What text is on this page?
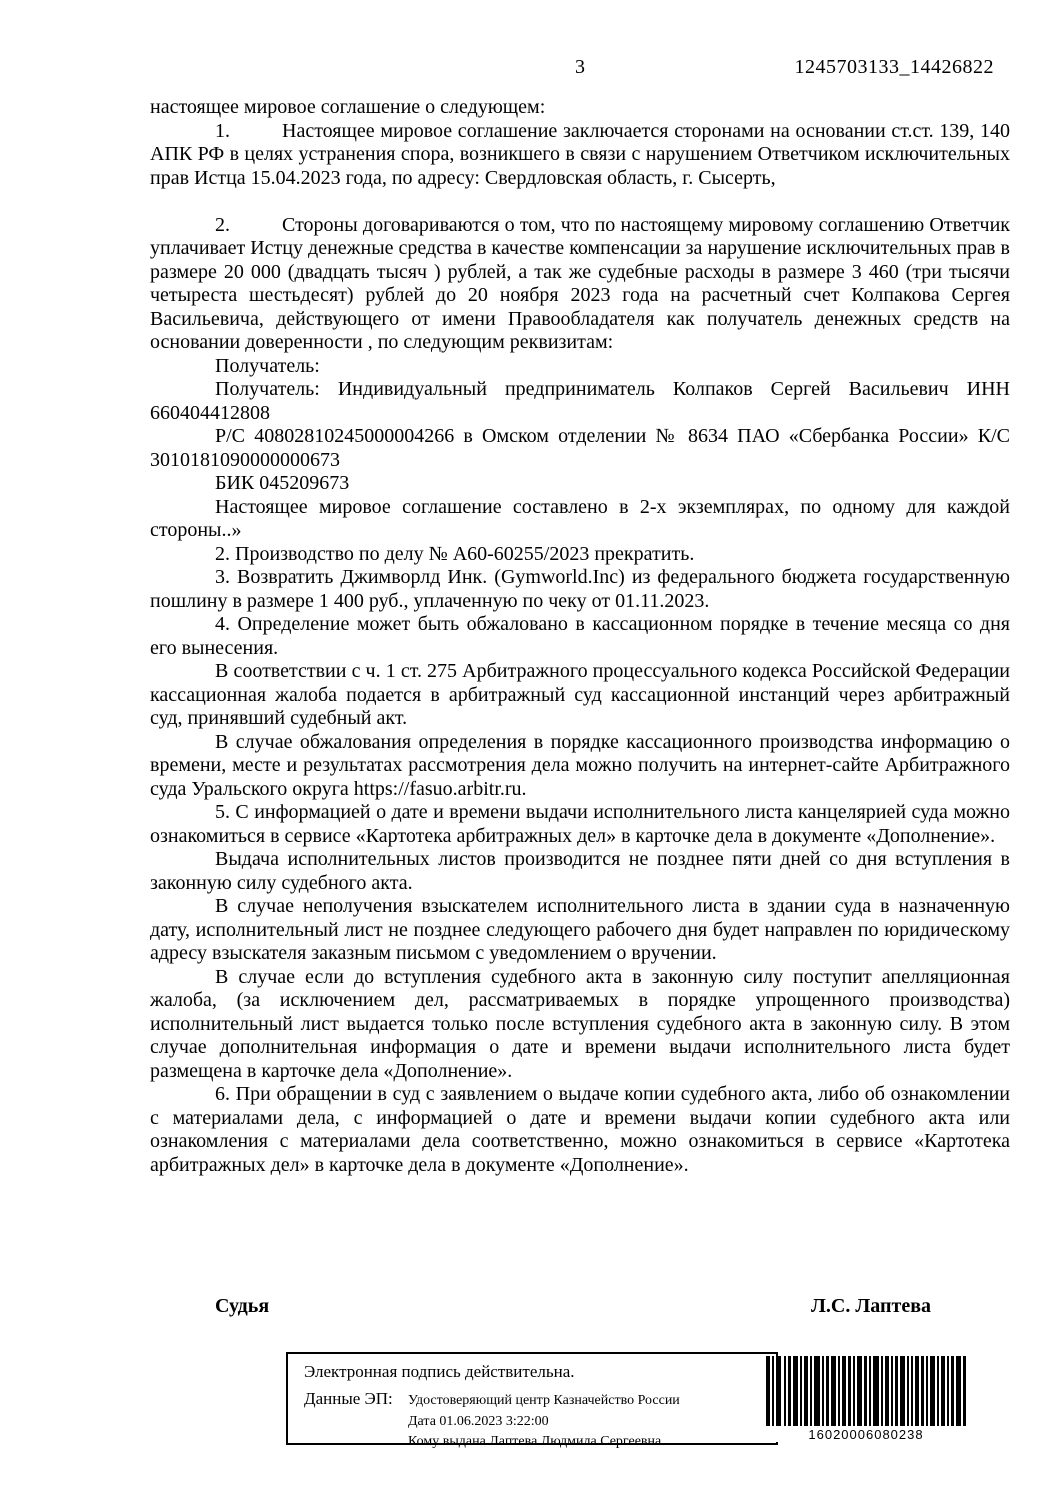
3	1245703133_14426822

настоящее мировое соглашение о следующем:

1.	Настоящее мировое соглашение заключается сторонами на основании ст.ст. 139, 140 АПК РФ в целях устранения спора, возникшего в связи с нарушением Ответчиком исключительных прав Истца 15.04.2023 года, по адресу: Свердловская область, г. Сысерть,

2.	Стороны договариваются о том, что по настоящему мировому соглашению Ответчик уплачивает Истцу денежные средства в качестве компенсации за нарушение исключительных прав в размере 20 000 (двадцать тысяч ) рублей, а так же судебные расходы в размере 3 460 (три тысячи четыреста шестьдесят) рублей до 20 ноября 2023 года на расчетный счет Колпакова Сергея Васильевича, действующего от имени Правообладателя как получатель денежных средств на основании доверенности , по следующим реквизитам:

Получатель:

Получатель: Индивидуальный предприниматель Колпаков Сергей Васильевич ИНН 660404412808

Р/С 40802810245000004266 в Омском отделении № 8634 ПАО «Сбербанка России» К/С 3010181090000000673

БИК 045209673

Настоящее мировое соглашение составлено в 2-х экземплярах, по одному для каждой стороны..»

2. Производство по делу № А60-60255/2023 прекратить.

3. Возвратить Джимворлд Инк. (Gymworld.Inc) из федерального бюджета государственную пошлину в размере 1 400 руб., уплаченную по чеку от 01.11.2023.

4. Определение может быть обжаловано в кассационном порядке в течение месяца со дня его вынесения.

В соответствии с ч. 1 ст. 275 Арбитражного процессуального кодекса Российской Федерации кассационная жалоба подается в арбитражный суд кассационной инстанций через арбитражный суд, принявший судебный акт.

В случае обжалования определения в порядке кассационного производства информацию о времени, месте и результатах рассмотрения дела можно получить на интернет-сайте Арбитражного суда Уральского округа https://fasuo.arbitr.ru.

5. С информацией о дате и времени выдачи исполнительного листа канцелярией суда можно ознакомиться в сервисе «Картотека арбитражных дел» в карточке дела в документе «Дополнение».

Выдача исполнительных листов производится не позднее пяти дней со дня вступления в законную силу судебного акта.

В случае неполучения взыскателем исполнительного листа в здании суда в назначенную дату, исполнительный лист не позднее следующего рабочего дня будет направлен по юридическому адресу взыскателя заказным письмом с уведомлением о вручении.

В случае если до вступления судебного акта в законную силу поступит апелляционная жалоба, (за исключением дел, рассматриваемых в порядке упрощенного производства) исполнительный лист выдается только после вступления судебного акта в законную силу. В этом случае дополнительная информация о дате и времени выдачи исполнительного листа будет размещена в карточке дела «Дополнение».

6. При обращении в суд с заявлением о выдаче копии судебного акта, либо об ознакомлении с материалами дела, с информацией о дате и времени выдачи копии судебного акта или ознакомления с материалами дела соответственно, можно ознакомиться в сервисе «Картотека арбитражных дел» в карточке дела в документе «Дополнение».

Судья	Л.С. Лаптева
Электронная подпись действительна.
Данные ЭП:	Удостоверяющий центр Казначейство России
Дата 01.06.2023 3:22:00
Кому выдана Лаптева Людмила Сергеевна	16020006080238
